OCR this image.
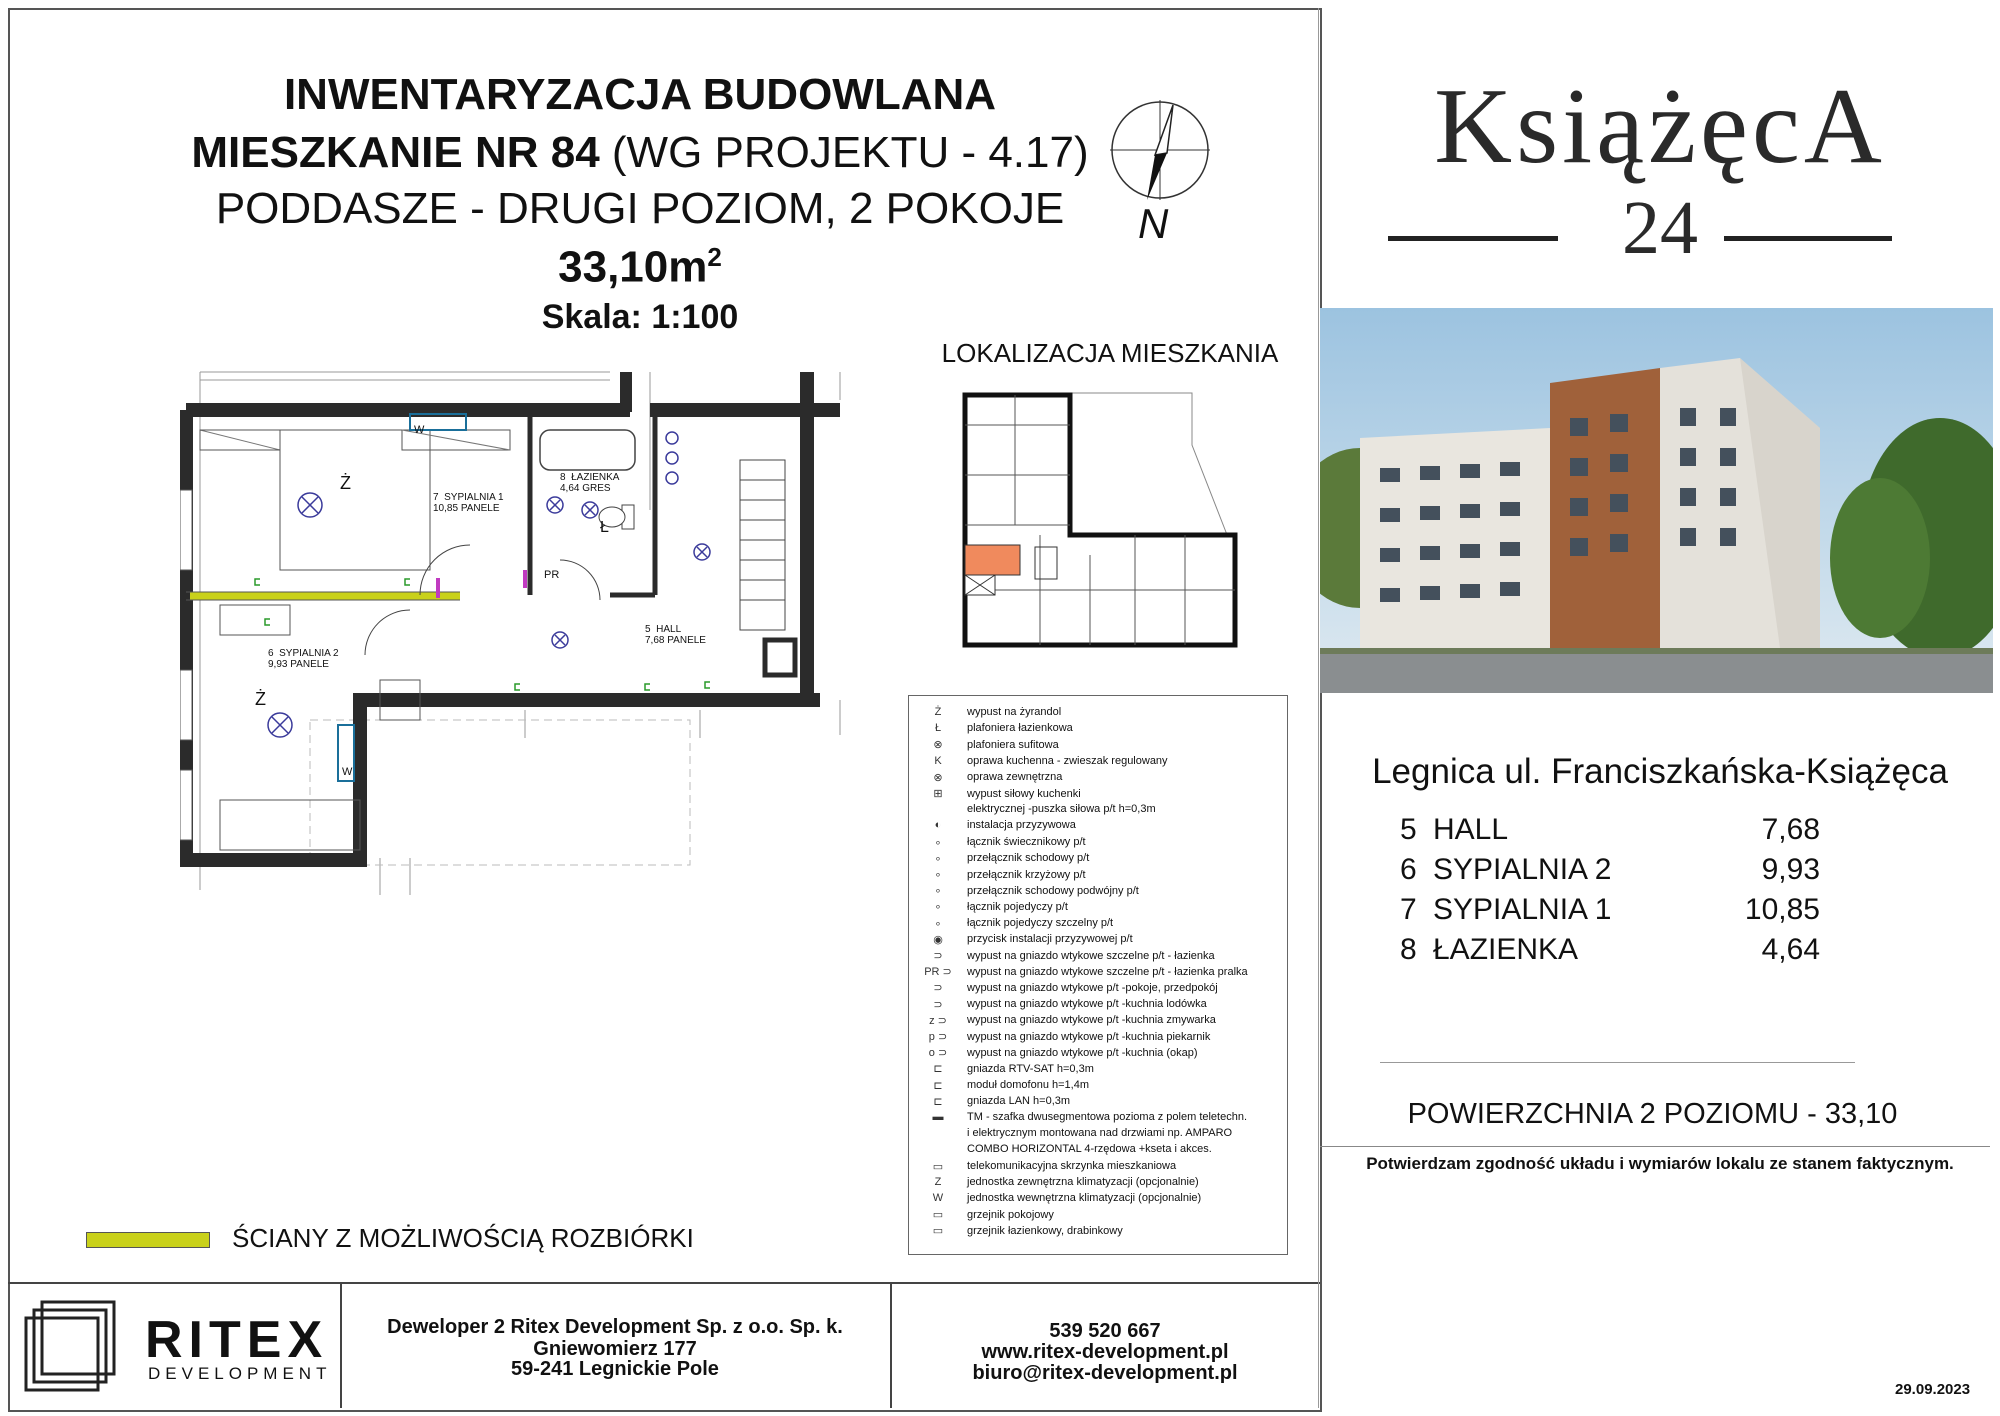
INWENTARYZACJA BUDOWLANA
MIESZKANIE NR 84 (WG PROJEKTU - 4.17)
PODDASZE - DRUGI POZIOM, 2 POKOJE
$33,10m^2$
Skala: 1:100
N
LOKALIZACJA MIESZKANIA
7 SYPIALNIA 1
10,85 PANELE
8 ŁAZIENKA
4,64 GRES
5 HALL
7,68 PANELE
6 SYPIALNIA 2
9,93 PANELE
W
W
PR
Ż
Ż
Ł
Ż	wypust na żyrandol
Ł	plafoniera łazienkowa
⊗	plafoniera sufitowa
K	oprawa kuchenna - zwieszak regulowany
⊗	oprawa zewnętrzna
⊞	wypust siłowy kuchenki
elektrycznej -puszka siłowa p/t h=0,3m
◐	instalacja przyzywowa
∘	łącznik świecznikowy p/t
∘	przełącznik schodowy p/t
∘	przełącznik krzyżowy p/t
∘	przełącznik schodowy podwójny p/t
∘	łącznik pojedyczy p/t
∘	łącznik pojedyczy szczelny p/t
◉	przycisk instalacji przyzywowej p/t
⊃	wypust na gniazdo wtykowe szczelne p/t - łazienka
PR ⊃	wypust na gniazdo wtykowe szczelne p/t - łazienka pralka
⊃	wypust na gniazdo wtykowe p/t -pokoje, przedpokój
⊃	wypust na gniazdo wtykowe p/t -kuchnia lodówka
z ⊃	wypust na gniazdo wtykowe p/t -kuchnia zmywarka
p ⊃	wypust na gniazdo wtykowe p/t -kuchnia piekarnik
o ⊃	wypust na gniazdo wtykowe p/t -kuchnia (okap)
⊏	gniazda RTV-SAT h=0,3m
⊏	moduł domofonu h=1,4m
⊏	gniazda LAN h=0,3m
▬	TM - szafka dwusegmentowa pozioma z polem teletechn.
i elektrycznym montowana nad drzwiami np. AMPARO
COMBO HORIZONTAL 4-rzędowa +kseta i akces.
▭	telekomunikacyjna skrzynka mieszkaniowa
Z	jednostka zewnętrzna klimatyzacji (opcjonalnie)
W	jednostka wewnętrzna klimatyzacji (opcjonalnie)
▭	grzejnik pokojowy
▭	grzejnik łazienkowy, drabinkowy
ŚCIANY Z MOŻLIWOŚCIĄ ROZBIÓRKI
KsiążęcA
24
Legnica ul. Franciszkańska-Książęca
5 HALL	7,68
6 SYPIALNIA 2	9,93
7 SYPIALNIA 1	10,85
8 ŁAZIENKA	4,64
POWIERZCHNIA 2 POZIOMU - 33,10
Potwierdzam zgodność układu i wymiarów lokalu ze stanem faktycznym.
RITEX
DEVELOPMENT
Deweloper 2 Ritex Development Sp. z o.o. Sp. k.
Gniewomierz 177
59-241 Legnickie Pole
539 520 667
www.ritex-development.pl
biuro@ritex-development.pl
29.09.2023
